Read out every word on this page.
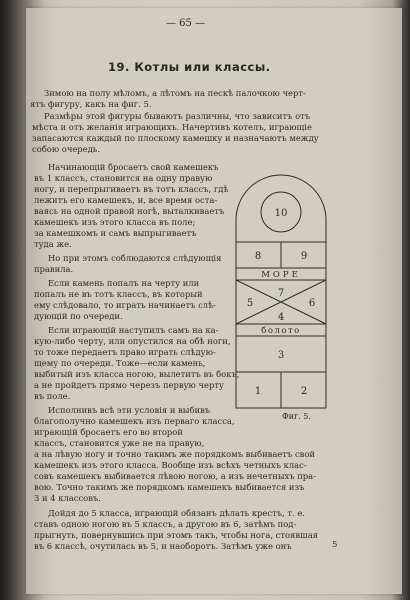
— 65 —
19. Котлы или классы.
Зимою на полу мѣломъ, а лѣтомъ на пескѣ палочкою черт-
ятъ фигуру, какъ на фиг. 5.
Размѣры этой фигуры бываютъ различны, что зависитъ отъ
мѣста и отъ желанія играющихъ. Начертивъ котелъ, играющіе
запасаются каждый по плоскому камешку и назначаютъ между
собою очередь.
Начинающій бросаетъ свой камешекъ
въ 1 классъ, становится на одну правую
ногу, и перепрыгиваетъ въ тотъ классъ, гдѣ
лежитъ его камешекъ, и, все время оста-
ваясь на одной правой ногѣ, выталкиваетъ
камешекъ изъ этого класса въ поле;
за камешкомъ и самъ выпрыгиваетъ
туда же.
Но при этомъ соблюдаются слѣдующія
правила.
Если камень попалъ на черту или
попалъ не въ тотъ классъ, въ который
ему слѣдовало, то играть начинаетъ слѣ-
дующій по очереди.
Если играющій наступилъ самъ на ка-
кую-либо черту, или опустился на обѣ ноги,
то тоже передаетъ право играть слѣдую-
щему по очереди. Тоже—если камень,
выбитый изъ класса ногою, вылетитъ въ бокъ,
а не пройдетъ прямо черезъ первую черту
въ поле.
Исполнивъ всѣ эти условія и выбивъ
благополучно камешекъ изъ перваго класса,
играющій бросаетъ его во второй
классъ, становится уже не на правую,
а на лѣвую ногу и точно такимъ же порядкомъ выбиваетъ свой
камешекъ изъ этого класса. Вообще изъ всѣхъ четныхъ клас-
совъ камешекъ выбивается лѣвою ногою, а изъ нечетныхъ пра-
вою. Точно такимъ же порядкомъ камешекъ выбивается изъ
3 и 4 классовъ.
Дойдя до 5 класса, играющій обязанъ дѣлать крестъ, т. е.
ставъ одною ногою въ 5 классъ, а другою въ 6, затѣмъ под-
прыгнуть, повернувшись при этомъ такъ, чтобы нога, стоявшая
въ 6 классѣ, очутилась въ 5, и наоборотъ. Затѣмъ уже онъ
10
8	9
МОРЕ
7
5	6
4
болото
3
1	2
Фиг. 5.
5
